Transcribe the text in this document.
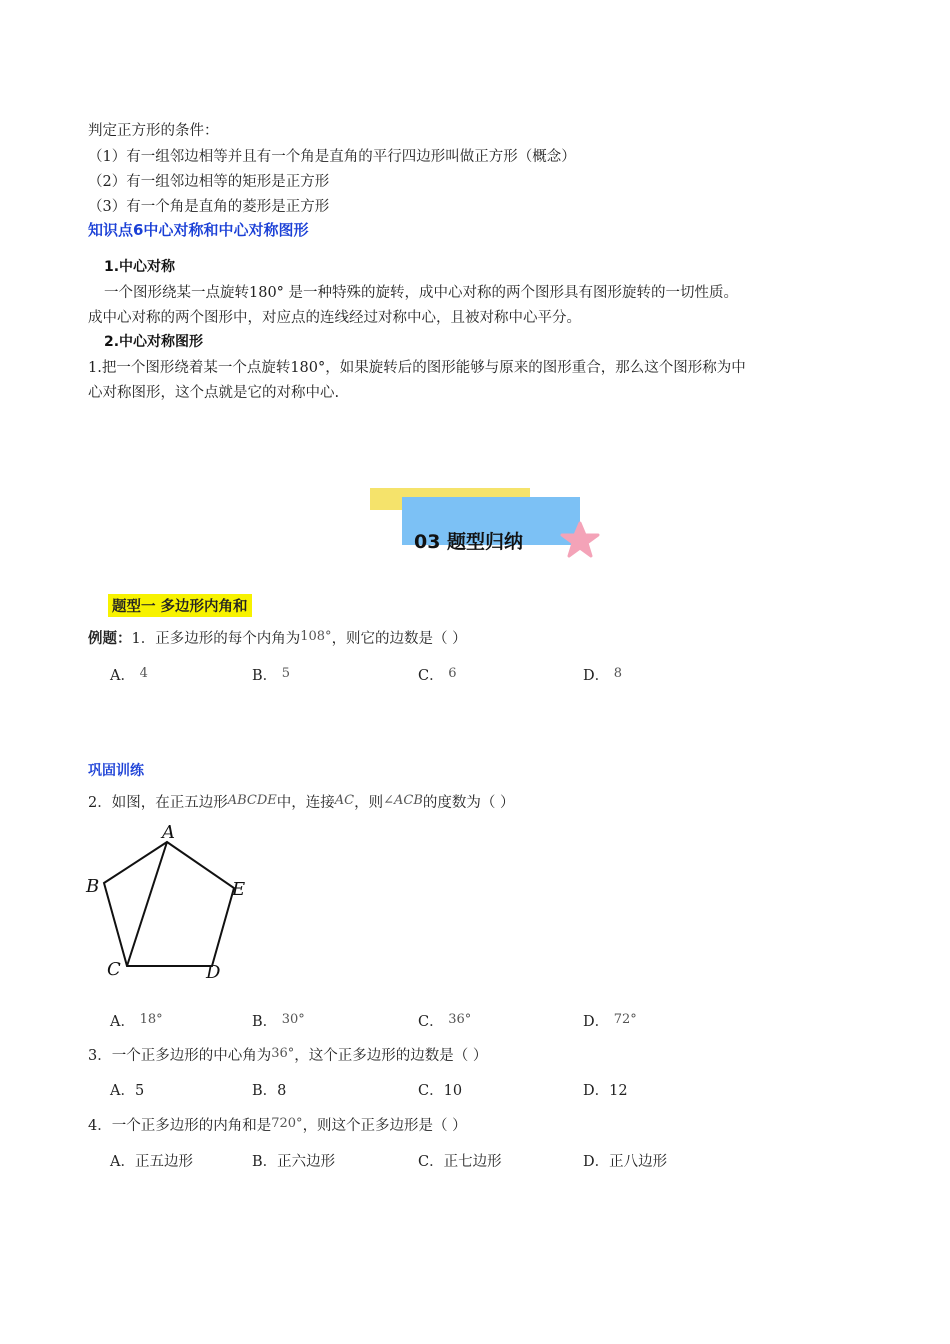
判定正方形的条件：
（1）有一组邻边相等并且有一个角是直角的平行四边形叫做正方形（概念）
（2）有一组邻边相等的矩形是正方形
（3）有一个角是直角的菱形是正方形
知识点6中心对称和中心对称图形
1.中心对称
一个图形绕某一点旋转180° 是一种特殊的旋转，成中心对称的两个图形具有图形旋转的一切性质。
成中心对称的两个图形中，对应点的连线经过对称中心，且被对称中心平分。
2.中心对称图形
1.把一个图形绕着某一个点旋转180°，如果旋转后的图形能够与原来的图形重合，那么这个图形称为中
心对称图形，这个点就是它的对称中心.
03 题型归纳
题型一 多边形内角和
例题：1．正多边形的每个内角为108°，则它的边数是（ ）
A． 4	B． 5	C． 6	D． 8
巩固训练
2．如图，在正五边形ABCDE中，连接AC，则∠ACB的度数为（ ）
A
B
C	D
E
A． 18°	B． 30°	C． 36°	D． 72°
3．一个正多边形的中心角为36°，这个正多边形的边数是（ ）
A．5	B．8	C．10	D．12
4．一个正多边形的内角和是720°，则这个正多边形是（ ）
A．正五边形	B．正六边形	C．正七边形	D．正八边形
